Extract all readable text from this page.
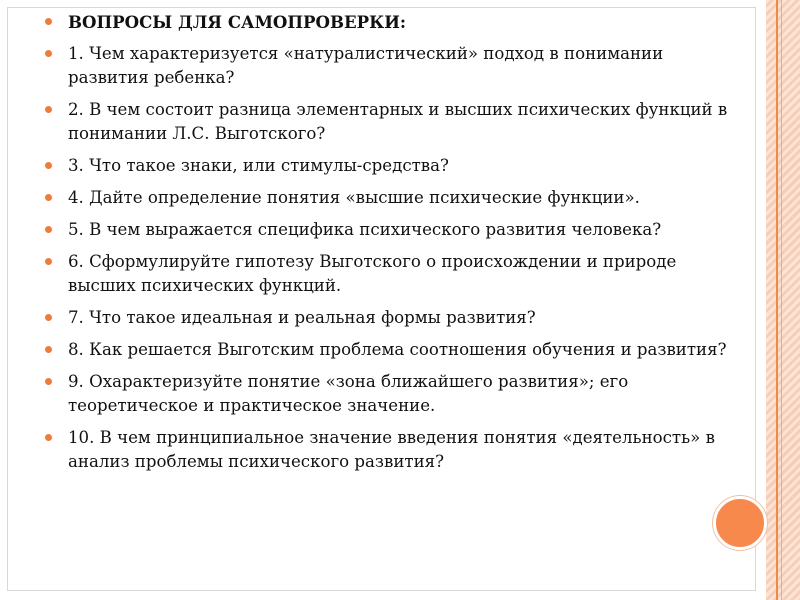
ВОПРОСЫ ДЛЯ САМОПРОВЕРКИ:
1. Чем характеризуется «натуралистический» подход в понимании развития ребенка?
2. В чем состоит разница элементарных и высших психических функций в понимании Л.С. Выготского?
3. Что такое знаки, или стимулы-средства?
4. Дайте определение понятия «высшие психические функции».
5. В чем выражается специфика психического развития человека?
6. Сформулируйте гипотезу Выготского о происхождении и природе высших психических функций.
7. Что такое идеальная и реальная формы развития?
8. Как решается Выготским проблема соотношения обучения и развития?
9. Охарактеризуйте понятие «зона ближайшего развития»; его теоретическое и практическое значение.
10. В чем принципиальное значение введения понятия «деятельность» в анализ проблемы психического развития?
